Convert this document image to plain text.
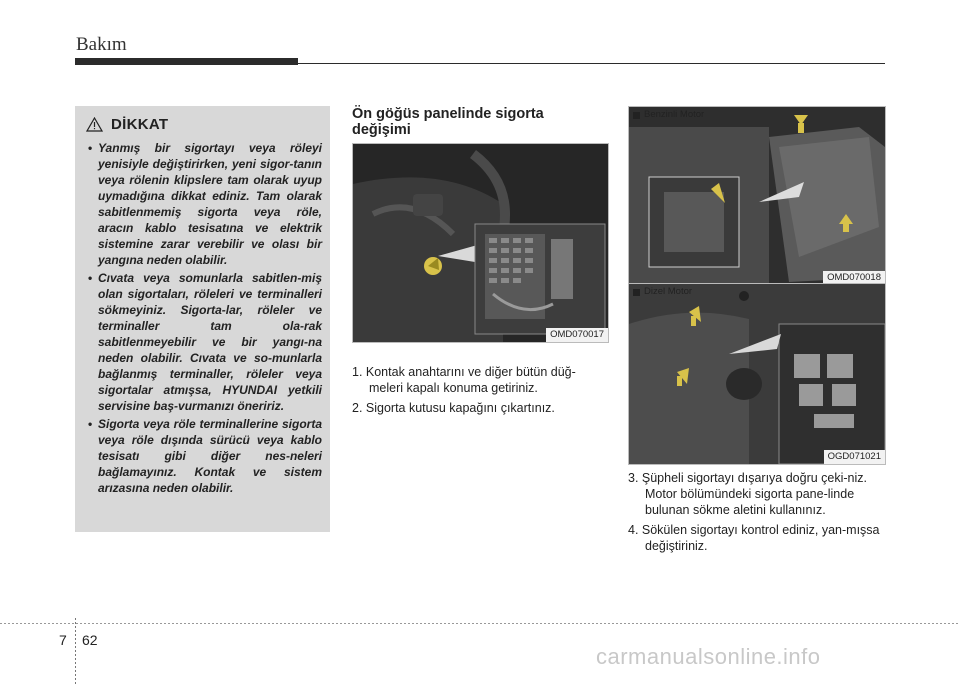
Bakım
DİKKAT
• Yanmış bir sigortayı veya röleyi yenisiyle değiştirirken, yeni sigor-tanın veya rölenin klipslere tam olarak uyup uymadığına dikkat ediniz. Tam olarak sabitlenmemiş sigorta veya röle, aracın kablo tesisatına ve elektrik sistemine zarar verebilir ve olası bir yangına neden olabilir.
• Cıvata veya somunlarla sabitlen-miş olan sigortaları, röleleri ve terminalleri sökmeyiniz. Sigorta-lar, röleler ve terminaller tam ola-rak sabitlenmeyebilir ve bir yangı-na neden olabilir. Cıvata ve so-munlarla bağlanmış terminaller, röleler veya sigortalar atmışsa, HYUNDAI yetkili servisine baş-vurmanızı öneririz.
• Sigorta veya röle terminallerine sigorta veya röle dışında sürücü veya kablo tesisatı gibi diğer nes-neleri bağlamayınız. Kontak ve sistem arızasına neden olabilir.
Ön göğüs panelinde sigorta değişimi
OMD070017
1. Kontak anahtarını ve diğer bütün düğ-meleri kapalı konuma getiriniz.
2. Sigorta kutusu kapağını çıkartınız.
Benzinli Motor
OMD070018
Dizel Motor
OGD071021
3. Şüpheli sigortayı dışarıya doğru çeki-niz. Motor bölümündeki sigorta pane-linde bulunan sökme aletini kullanınız.
4. Sökülen sigortayı kontrol ediniz, yan-mışsa değiştiriniz.
7 62
carmanualsonline.info
